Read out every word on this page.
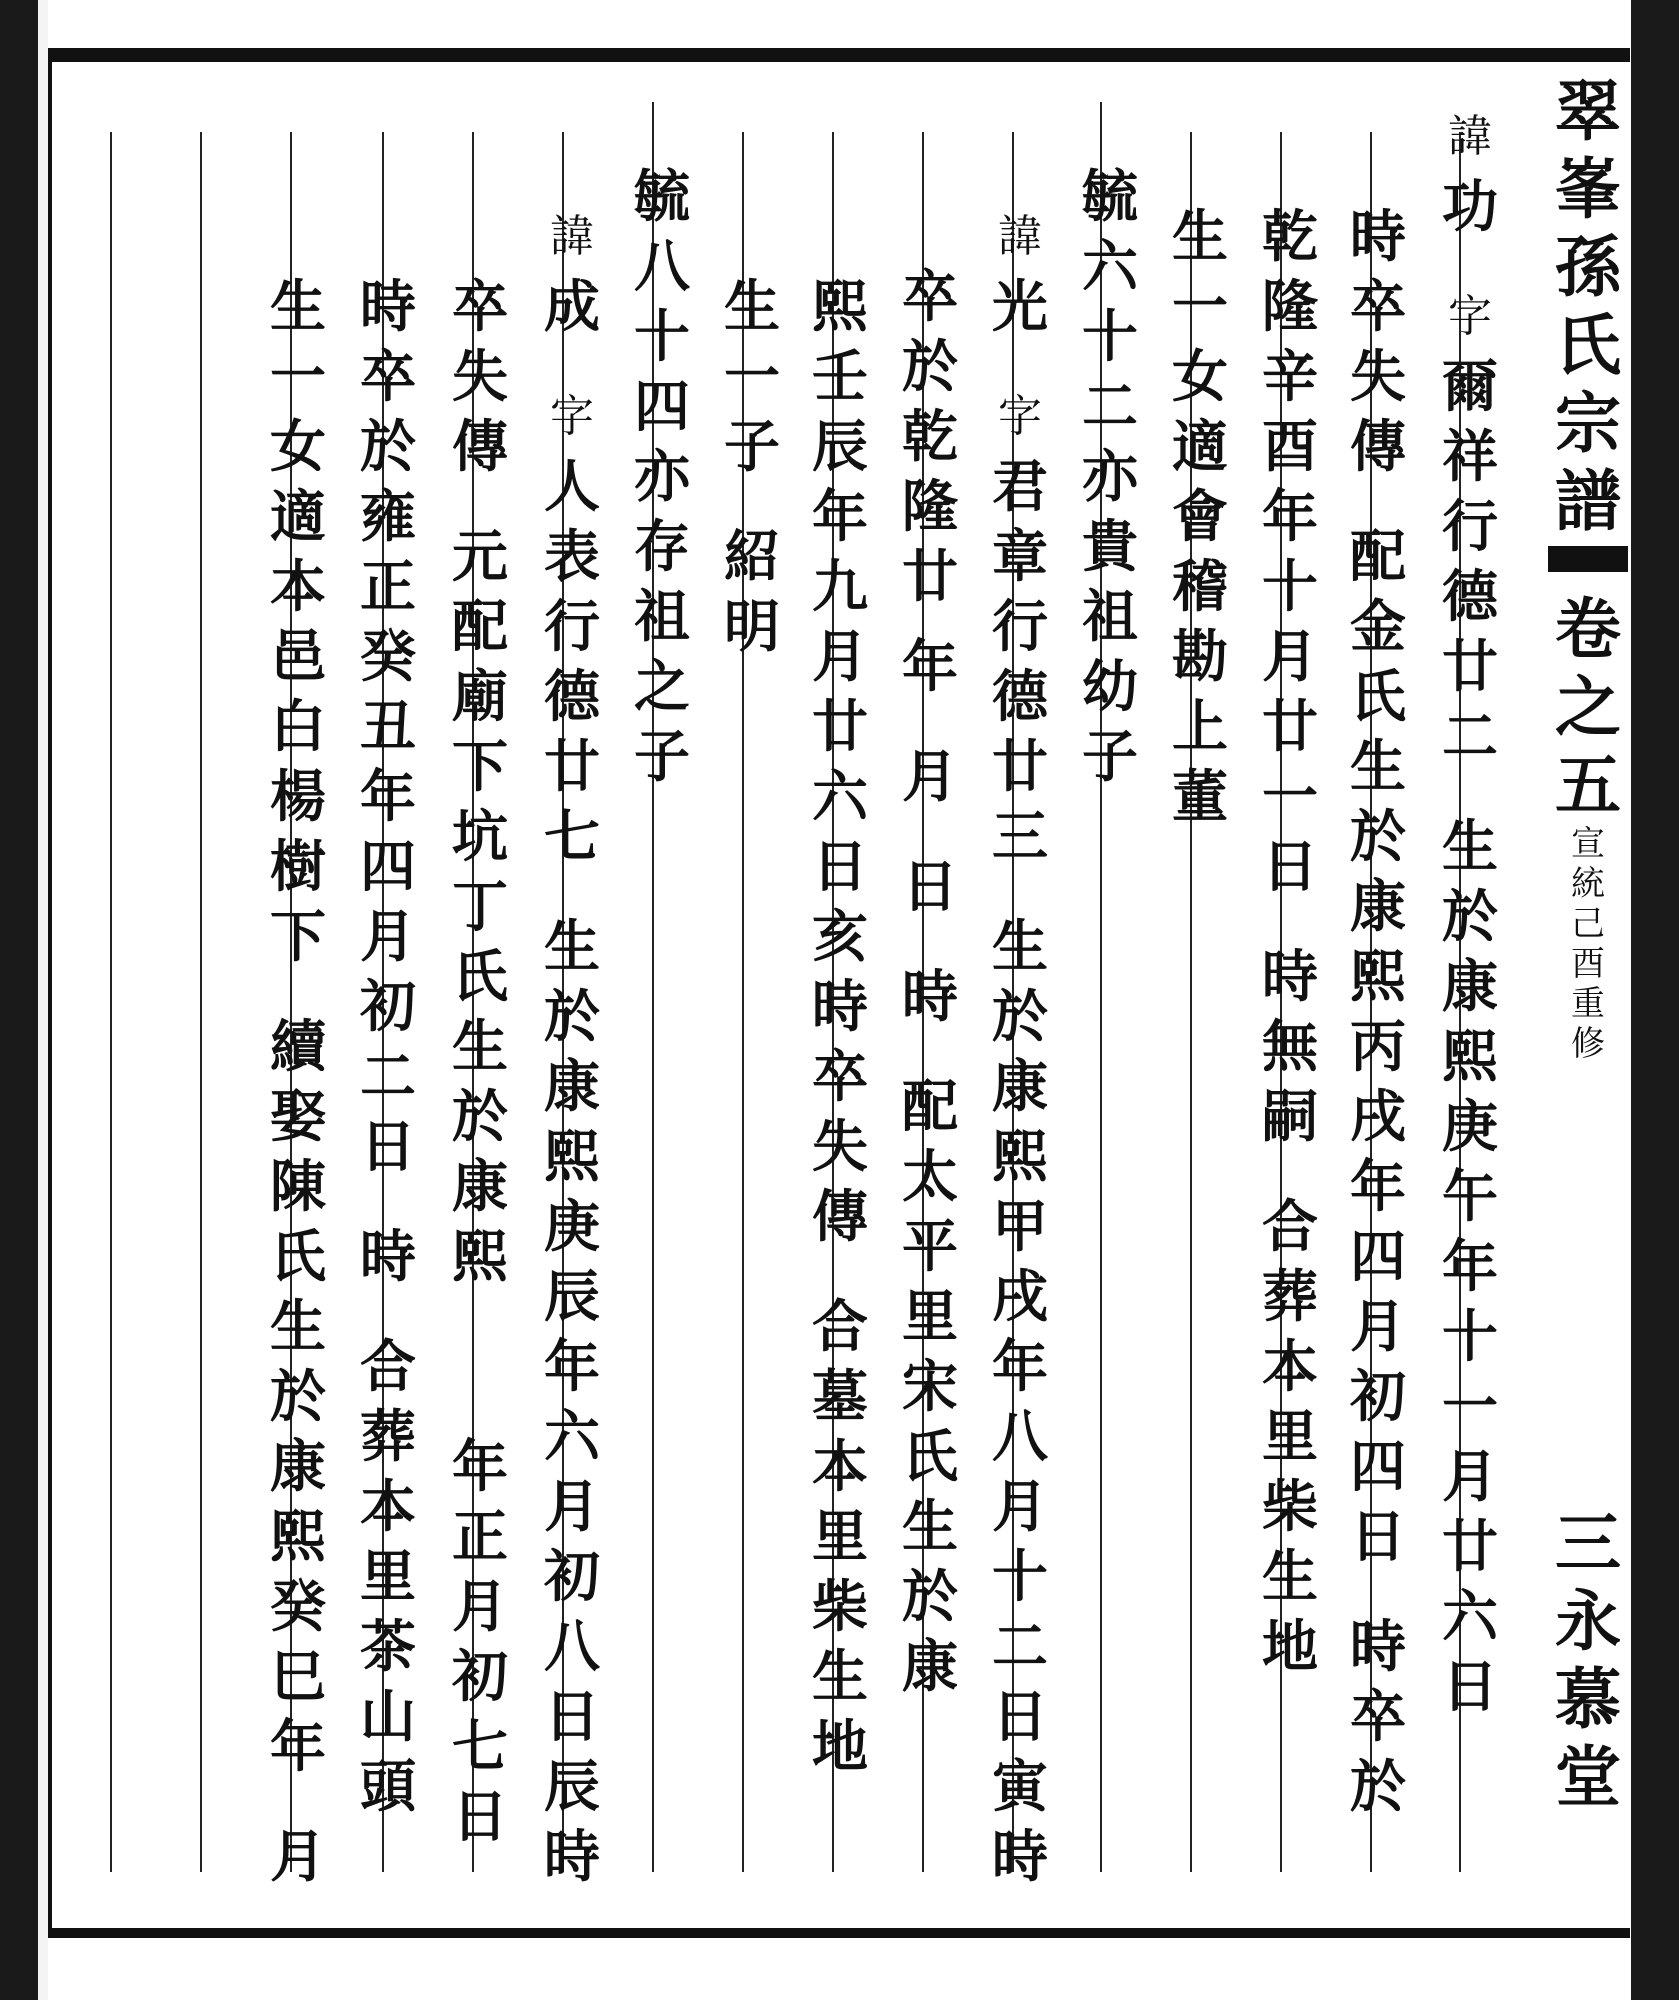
諱
功
字
爾
祥
行
德
廿
二
生
於
康
熙
庚
午
年
十
一
月
廿
六
日
時
卒
失
傳
配
金
氏
生
於
康
熙
丙
戌
年
四
月
初
四
日
時
卒
於
乾
隆
辛
酉
年
十
月
廿
一
日
時
無
嗣
合
葬
本
里
柴
生
地
生
一
女
適
會
稽
勘
上
董
毓
六
十
二
亦
貴
祖
幼
子
諱
光
字
君
章
行
德
廿
三
生
於
康
熙
甲
戌
年
八
月
十
二
日
寅
時
卒
於
乾
隆
廿
年
月
日
時
配
太
平
里
宋
氏
生
於
康
熙
壬
辰
年
九
月
廿
六
日
亥
時
卒
失
傳
合
墓
本
里
柴
生
地
生
一
子
紹
明
毓
八
十
四
亦
存
祖
之
子
諱
成
字
人
表
行
德
廿
七
生
於
康
熙
庚
辰
年
六
月
初
八
日
辰
時
卒
失
傳
元
配
廟
下
坑
丁
氏
生
於
康
熙
年
正
月
初
七
日
時
卒
於
雍
正
癸
丑
年
四
月
初
二
日
時
合
葬
本
里
茶
山
頭
生
一
女
適
本
邑
白
楊
樹
下
續
娶
陳
氏
生
於
康
熙
癸
巳
年
月
翠
峯
孫
氏
宗
譜
卷
之
五
宣
統
己
酉
重
修
三
永
慕
堂
